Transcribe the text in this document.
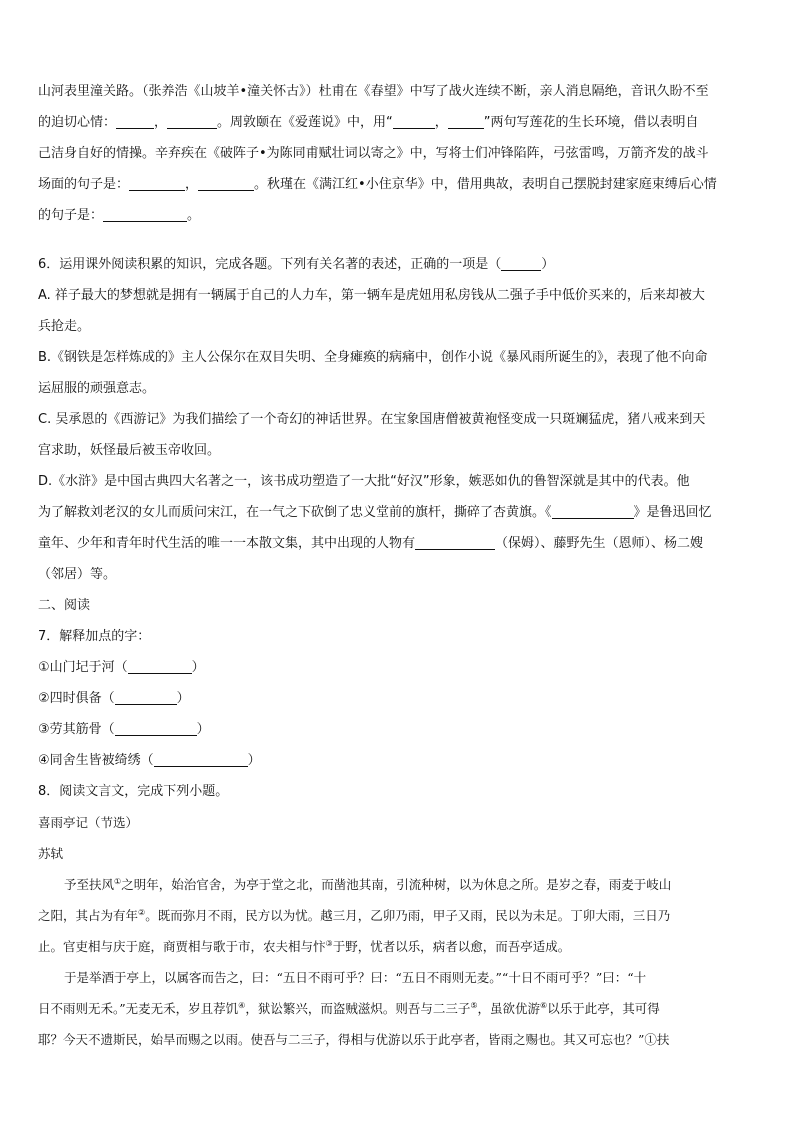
山河表里潼关路。（张养浩《山坡羊•潼关怀古》）杜甫在《春望》中写了战火连续不断，亲人消息隔绝，音讯久盼不至
的迫切心情：	，	。周敦颐在《爱莲说》中，用“	，	”两句写莲花的生长环境，借以表明自
己洁身自好的情操。辛弃疾在《破阵子•为陈同甫赋壮词以寄之》中，写将士们冲锋陷阵，弓弦雷鸣，万箭齐发的战斗
场面的句子是：	，	。秋瑾在《满江红•小住京华》中，借用典故，表明自己摆脱封建家庭束缚后心情
的句子是：	。
6．运用课外阅读积累的知识，完成各题。下列有关名著的表述，正确的一项是（	）
A. 祥子最大的梦想就是拥有一辆属于自己的人力车，第一辆车是虎妞用私房钱从二强子手中低价买来的，后来却被大
兵抢走。
B.《钢铁是怎样炼成的》主人公保尔在双目失明、全身瘫痪的病痛中，创作小说《暴风雨所诞生的》，表现了他不向命
运屈服的顽强意志。
C. 吴承恩的《西游记》为我们描绘了一个奇幻的神话世界。在宝象国唐僧被黄袍怪变成一只斑斓猛虎，猪八戒来到天
宫求助，妖怪最后被玉帝收回。
D.《水浒》是中国古典四大名著之一，该书成功塑造了一大批“好汉”形象，嫉恶如仇的鲁智深就是其中的代表。他
为了解救刘老汉的女儿而质问宋江，在一气之下砍倒了忠义堂前的旗杆，撕碎了杏黄旗。《	》是鲁迅回忆
童年、少年和青年时代生活的唯一一本散文集，其中出现的人物有	（保姆）、藤野先生（恩师）、杨二嫂
（邻居）等。
二、阅读
7．解释加点的字：
①山门圮于河（	）
②四时俱备（	）
③劳其筋骨（	）
④同舍生皆被绮绣（	）
8．阅读文言文，完成下列小题。
喜雨亭记（节选）
苏轼
予至扶风①之明年，始治官舍，为亭于堂之北，而凿池其南，引流种树，以为休息之所。是岁之春，雨麦于岐山
之阳，其占为有年②。既而弥月不雨，民方以为忧。越三月，乙卯乃雨，甲子又雨，民以为未足。丁卯大雨，三日乃
止。官吏相与庆于庭，商贾相与歌于市，农夫相与忭③于野，忧者以乐，病者以愈，而吾亭适成。
于是举酒于亭上，以属客而告之，曰：“五日不雨可乎？曰：“五日不雨则无麦。”“十日不雨可乎？”曰：“十
日不雨则无禾。”无麦无禾，岁且荐饥④，狱讼繁兴，而盗贼滋炽。则吾与二三子⑤，虽欲优游⑥以乐于此亭，其可得
耶？今天不遗斯民，始旱而赐之以雨。使吾与二三子，得相与优游以乐于此亭者，皆雨之赐也。其又可忘也？”①扶
